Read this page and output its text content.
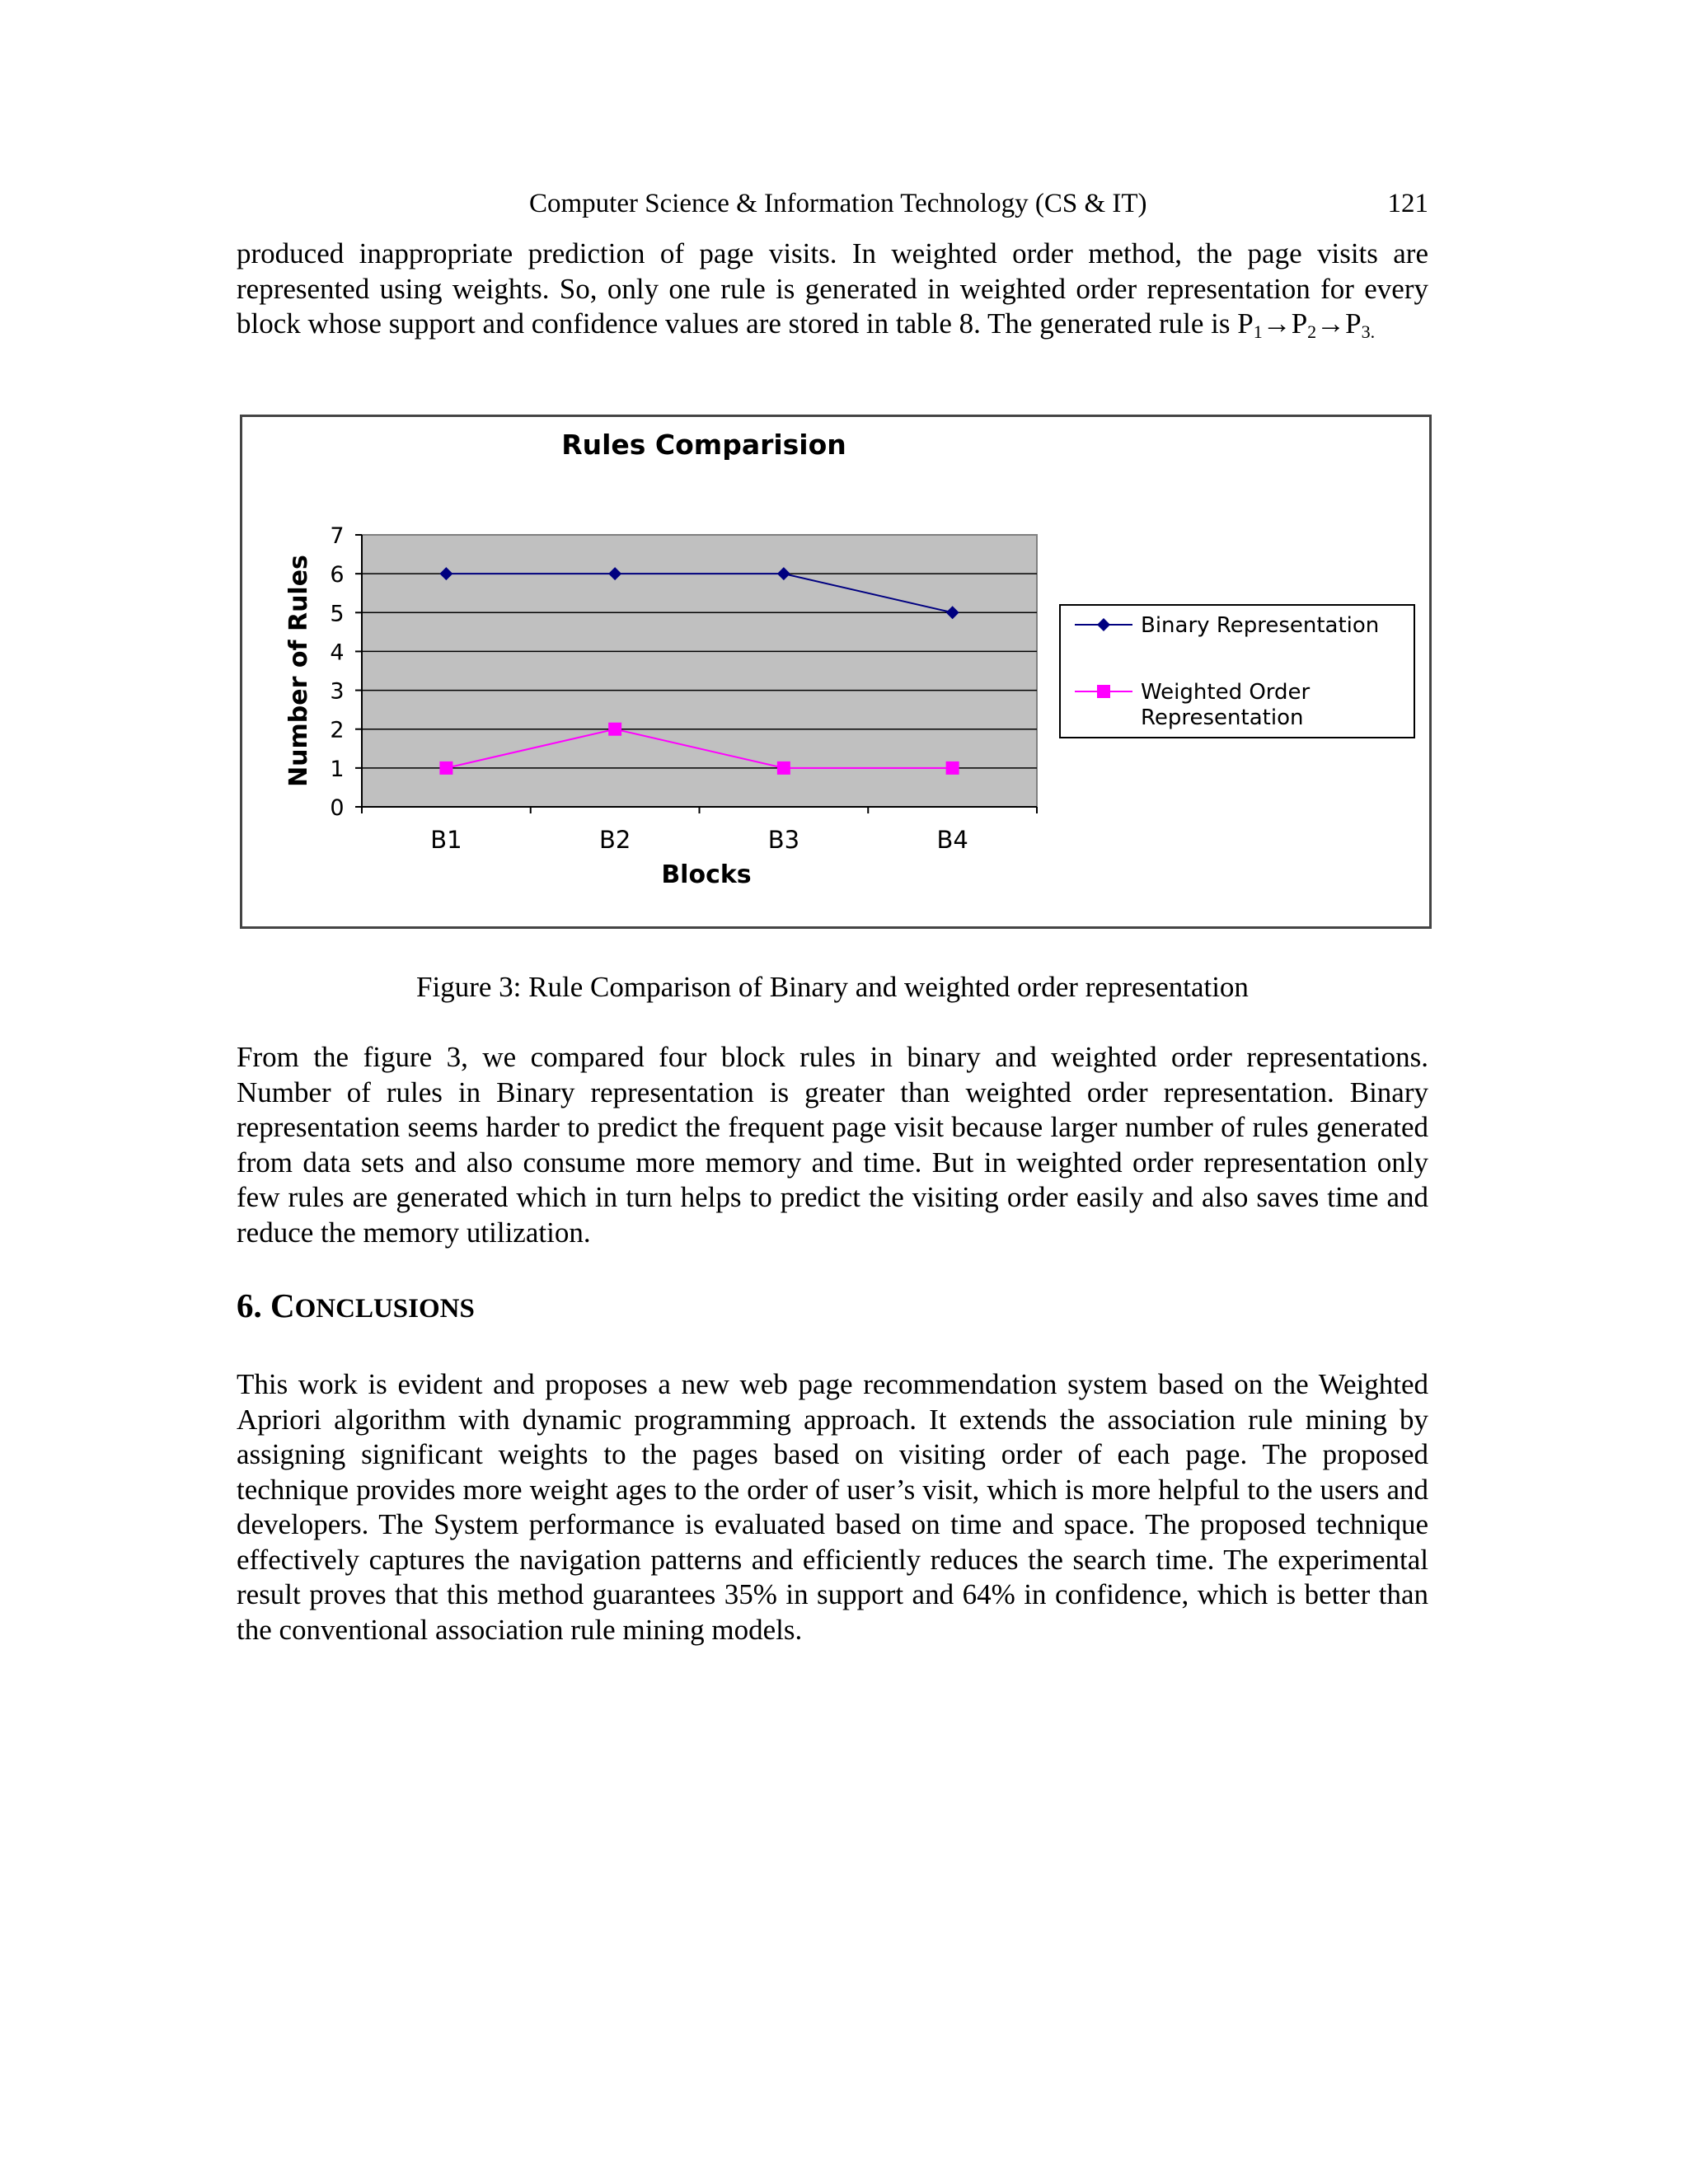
Computer Science & Information Technology (CS & IT)	121

produced inappropriate prediction of page visits. In weighted order method, the page visits are represented using weights. So, only one rule is generated in weighted order representation for every block whose support and confidence values are stored in table 8. The generated rule is $P_1\to P_2\to P_{3.}$

Rules Comparision
0
1
2
3
4
5
6
7
B1	B2	B3	B4
Number of Rules
Blocks
Binary Representation
Weighted Order Representation
Figure 3: Rule Comparison of Binary and weighted order representation

From the figure 3, we compared four block rules in binary and weighted order representations. Number of rules in Binary representation is greater than weighted order representation. Binary representation seems harder to predict the frequent page visit because larger number of rules generated from data sets and also consume more memory and time. But in weighted order representation only few rules are generated which in turn helps to predict the visiting order easily and also saves time and reduce the memory utilization.

6. CONCLUSIONS

This work is evident and proposes a new web page recommendation system based on the Weighted Apriori algorithm with dynamic programming approach. It extends the association rule mining by assigning significant weights to the pages based on visiting order of each page. The proposed technique provides more weight ages to the order of user’s visit, which is more helpful to the users and developers. The System performance is evaluated based on time and space. The proposed technique effectively captures the navigation patterns and efficiently reduces the search time. The experimental result proves that this method guarantees 35% in support and 64% in confidence, which is better than the conventional association rule mining models.
